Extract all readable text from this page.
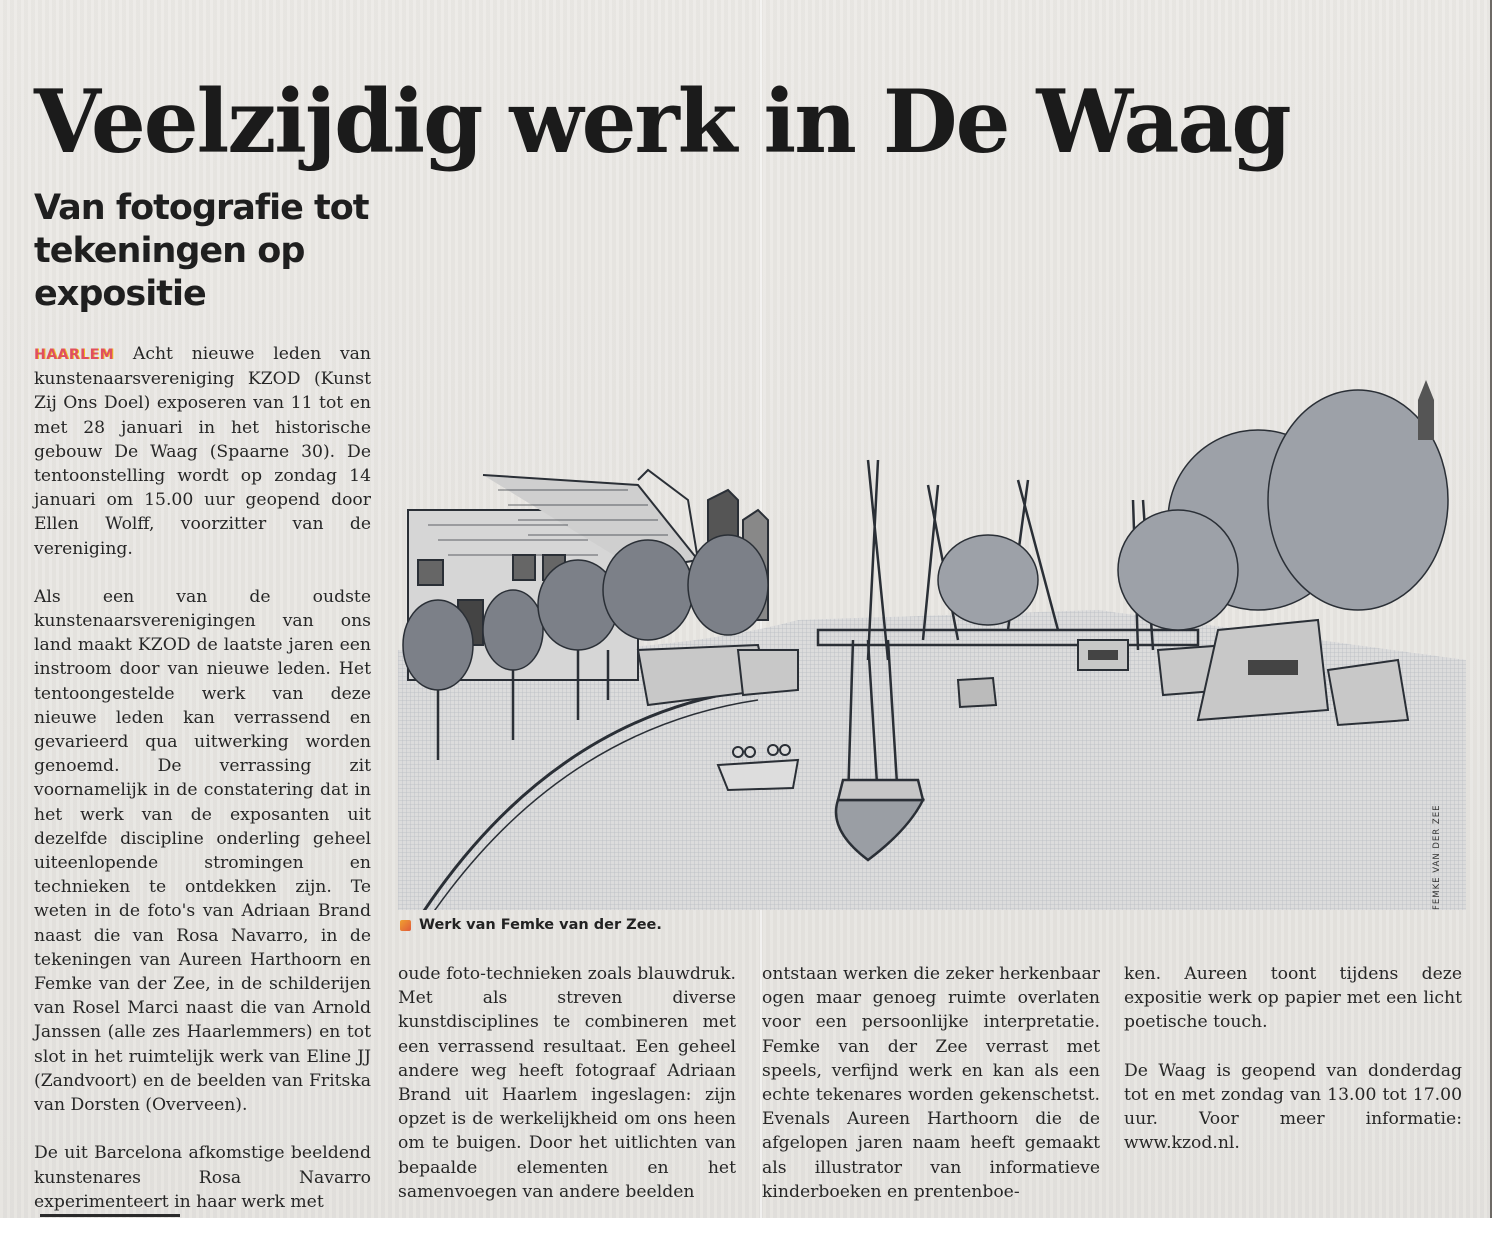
Veelzijdig werk in De Waag
Van fotografie tot tekeningen op expositie

HAARLEM Acht nieuwe leden van kunstenaarsvereniging KZOD (Kunst Zij Ons Doel) exposeren van 11 tot en met 28 januari in het historische gebouw De Waag (Spaarne 30). De tentoonstelling wordt op zondag 14 januari om 15.00 uur geopend door Ellen Wolff, voorzitter van de vereniging.

Als een van de oudste kunstenaarsverenigingen van ons land maakt KZOD de laatste jaren een instroom door van nieuwe leden. Het tentoongestelde werk van deze nieuwe leden kan verrassend en gevarieerd qua uitwerking worden genoemd. De verrassing zit voornamelijk in de constatering dat in het werk van de exposanten uit dezelfde discipline onderling geheel uiteenlopende stromingen en technieken te ontdekken zijn. Te weten in de foto's van Adriaan Brand naast die van Rosa Navarro, in de tekeningen van Aureen Harthoorn en Femke van der Zee, in de schilderijen van Rosel Marci naast die van Arnold Janssen (alle zes Haarlemmers) en tot slot in het ruimtelijk werk van Eline JJ (Zandvoort) en de beelden van Fritska van Dorsten (Overveen).

De uit Barcelona afkomstige beeldend kunstenares Rosa Navarro experimenteert in haar werk met

FEMKE VAN DER ZEE
Werk van Femke van der Zee.

oude foto-technieken zoals blauwdruk. Met als streven diverse kunstdisciplines te combineren met een verrassend resultaat. Een geheel andere weg heeft fotograaf Adriaan Brand uit Haarlem ingeslagen: zijn opzet is de werkelijkheid om ons heen om te buigen. Door het uitlichten van bepaalde elementen en het samenvoegen van andere beelden

ontstaan werken die zeker herkenbaar ogen maar genoeg ruimte overlaten voor een persoonlijke interpretatie. Femke van der Zee verrast met speels, verfijnd werk en kan als een echte tekenares worden gekenschetst. Evenals Aureen Harthoorn die de afgelopen jaren naam heeft gemaakt als illustrator van informatieve kinderboeken en prentenboe-

ken. Aureen toont tijdens deze expositie werk op papier met een licht poetische touch.

De Waag is geopend van donderdag tot en met zondag van 13.00 tot 17.00 uur. Voor meer informatie: www.kzod.nl.
